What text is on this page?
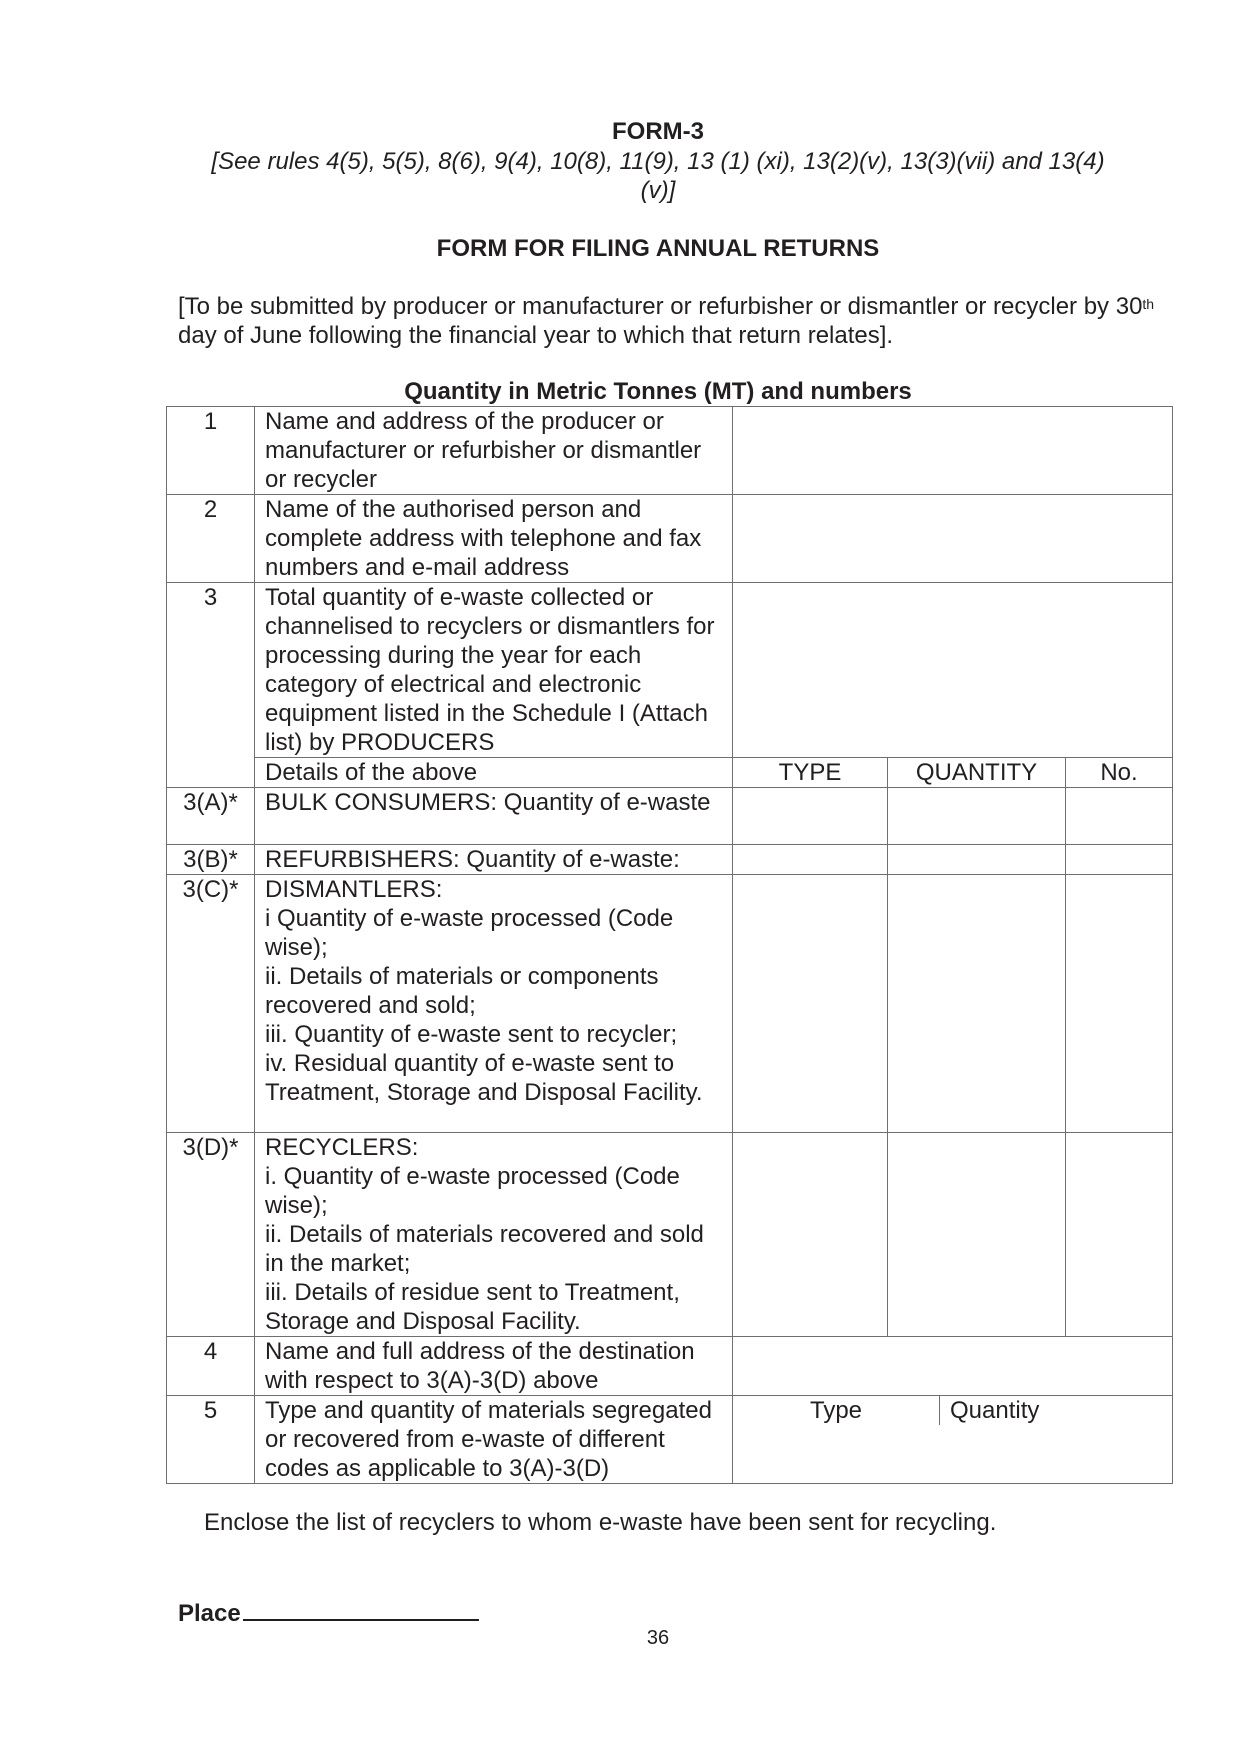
FORM-3
[See rules 4(5), 5(5), 8(6), 9(4), 10(8), 11(9), 13 (1) (xi), 13(2)(v), 13(3)(vii) and 13(4)(v)]
FORM FOR FILING ANNUAL RETURNS
[To be submitted by producer or manufacturer or refurbisher or dismantler or recycler by 30th day of June following the financial year to which that return relates].
Quantity in Metric Tonnes (MT) and numbers
1	Name and address of the producer or manufacturer or refurbisher or dismantler or recycler			
2	Name of the authorised person and complete address with telephone and fax numbers and e-mail address			
3	Total quantity of e-waste collected or channelised to recyclers or dismantlers for processing during the year for each category of electrical and electronic equipment listed in the Schedule I (Attach list) by PRODUCERS			
	Details of the above	TYPE	QUANTITY	No.
3(A)*	BULK CONSUMERS: Quantity of e-waste			
3(B)*	REFURBISHERS: Quantity of e-waste:			
3(C)*	DISMANTLERS:
i Quantity of e-waste processed (Code wise);
ii. Details of materials or components recovered and sold;
iii. Quantity of e-waste sent to recycler;
iv. Residual quantity of e-waste sent to Treatment, Storage and Disposal Facility.			
3(D)*	RECYCLERS:
i. Quantity of e-waste processed (Code wise);
ii. Details of materials recovered and sold in the market;
iii. Details of residue sent to Treatment, Storage and Disposal Facility.			
4	Name and full address of the destination with respect to 3(A)-3(D) above			
5	Type and quantity of materials segregated or recovered from e-waste of different codes as applicable to 3(A)-3(D)	Type Quantity		
Enclose the list of recyclers to whom e-waste have been sent for recycling.
Place
36
